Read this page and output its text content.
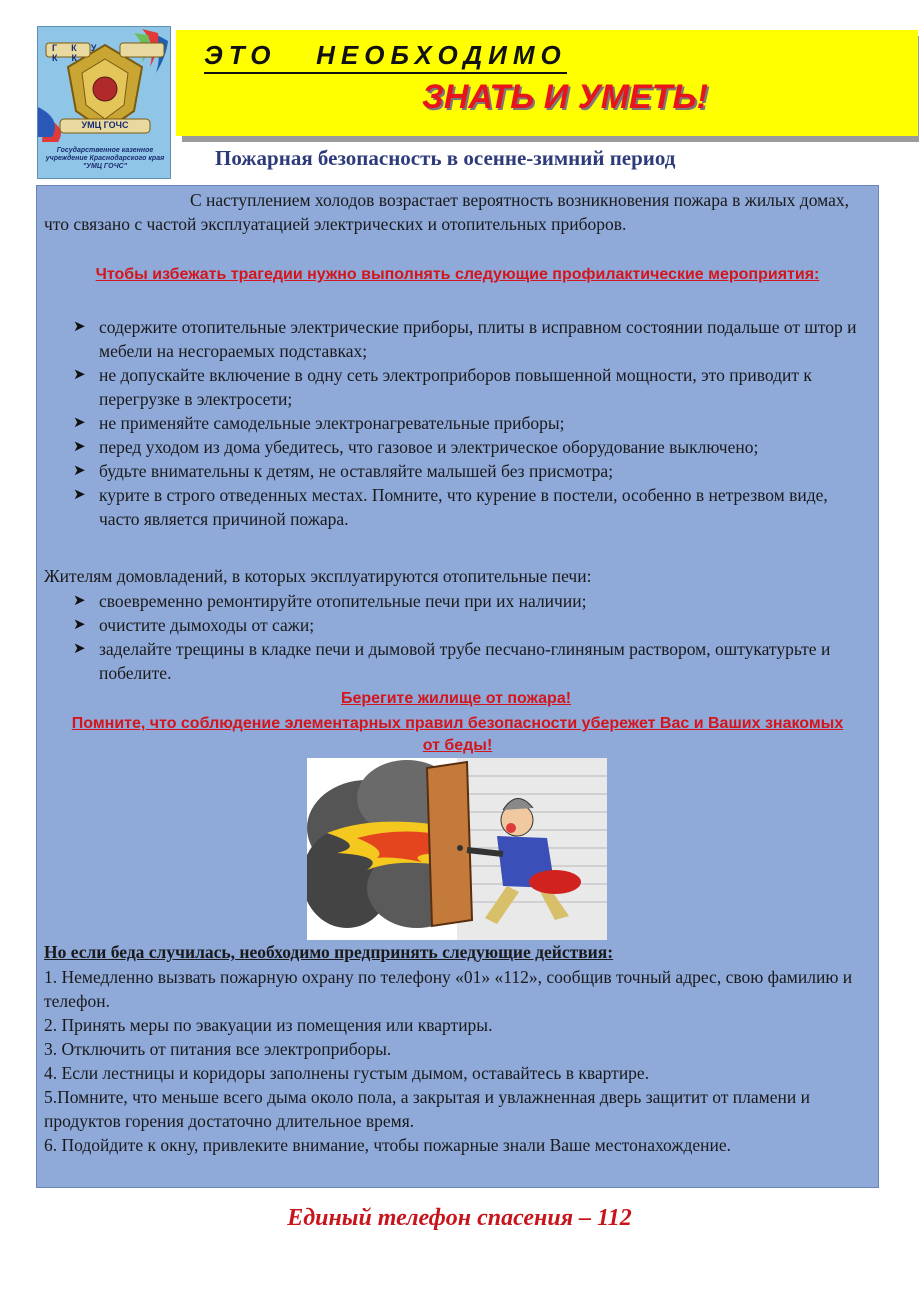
ГКУ КК
УМЦ ГОЧС
Государственное казенное учреждение Краснодарского края "УМЦ ГОЧС"
ЭТО   НЕОБХОДИМО
ЗНАТЬ И УМЕТЬ!
Пожарная безопасность в осенне-зимний период
С наступлением холодов возрастает вероятность возникновения пожара в жилых домах, что связано с частой эксплуатацией электрических и отопительных приборов.
Чтобы избежать трагедии нужно выполнять следующие профилактические мероприятия:
➤ содержите отопительные электрические приборы, плиты в исправном состоянии подальше от штор и мебели на несгораемых подставках;
➤ не допускайте включение в одну сеть электроприборов повышенной мощности, это приводит к перегрузке в электросети;
➤ не применяйте самодельные электронагревательные приборы;
➤ перед уходом из дома убедитесь, что газовое и электрическое оборудование выключено;
➤ будьте внимательны к детям, не оставляйте малышей без присмотра;
➤ курите в строго отведенных местах. Помните, что курение в постели, особенно в нетрезвом виде, часто является причиной пожара.
Жителям домовладений, в которых эксплуатируются отопительные печи:
➤ своевременно ремонтируйте отопительные печи при их наличии;
➤ очистите дымоходы от сажи;
➤ заделайте трещины в кладке печи и дымовой трубе песчано-глиняным раствором, оштукатурьте и побелите.
Берегите жилище от пожара!
Помните, что соблюдение элементарных правил безопасности убережет Вас и Ваших знакомых от беды!
Но если беда случилась, необходимо предпринять следующие действия:
1. Немедленно вызвать пожарную охрану по телефону «01» «112», сообщив точный адрес, свою фамилию и телефон.
2. Принять меры по эвакуации из помещения или квартиры.
3. Отключить от питания все электроприборы.
4. Если лестницы и коридоры заполнены густым дымом, оставайтесь в квартире.
5.Помните, что меньше всего дыма около пола, а закрытая и увлажненная дверь защитит от пламени и продуктов горения достаточно длительное время.
6. Подойдите к окну, привлеките внимание, чтобы пожарные знали Ваше местонахождение.
Единый телефон спасения – 112
